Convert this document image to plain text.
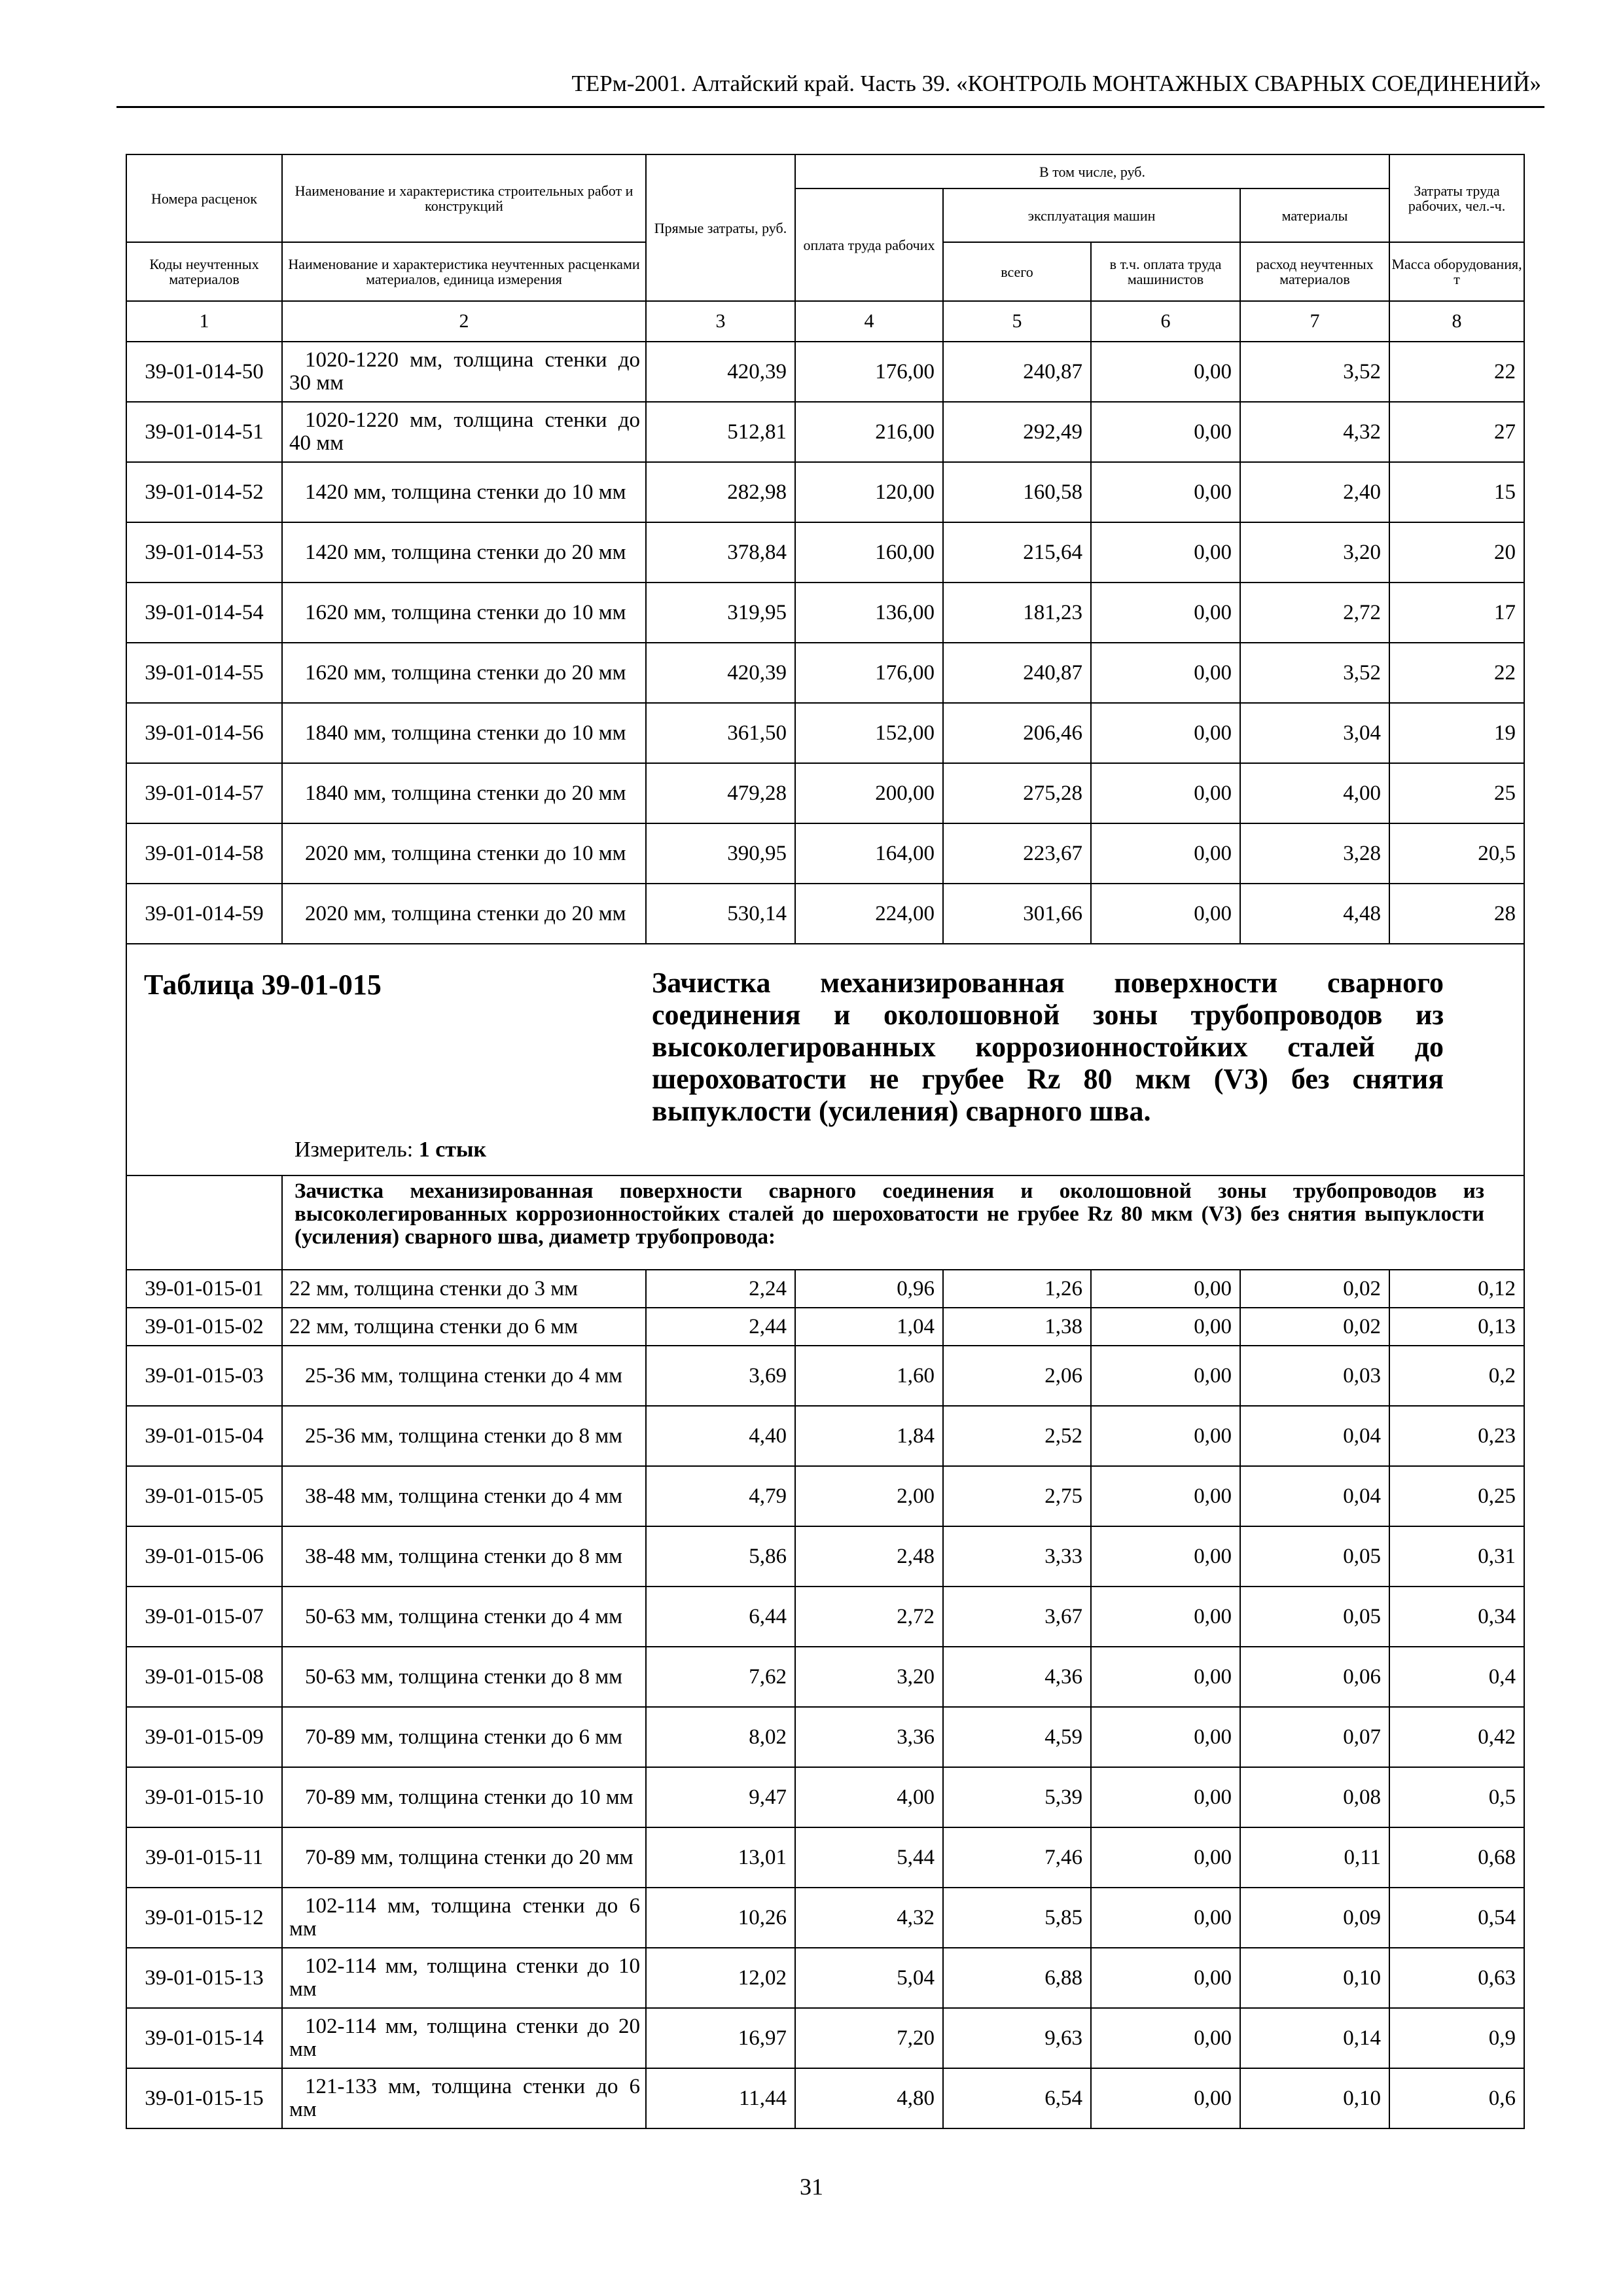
ТЕРм-2001. Алтайский край. Часть 39. «КОНТРОЛЬ МОНТАЖНЫХ СВАРНЫХ СОЕДИНЕНИЙ»
Номера расценок	Наименование и характеристика строительных работ и конструкций	Прямые затраты, руб.	В том числе, руб.				Затраты труда рабочих, чел.-ч.
			оплата труда рабочих	эксплуатация машин		материалы	

Коды неучтенных материалов	Наименование и характеристика неучтенных расценками материалов, единица измерения			всего	в т.ч. оплата труда машинистов	расход неучтенных материалов	Масса оборудования, т

1	2	3	4	5	6	7	8
39-01-014-50	1020-1220 мм, толщина стенки до 30 мм	420,39	176,00	240,87	0,00	3,52	22
39-01-014-51	1020-1220 мм, толщина стенки до 40 мм	512,81	216,00	292,49	0,00	4,32	27
39-01-014-52	1420 мм, толщина стенки до 10 мм	282,98	120,00	160,58	0,00	2,40	15
39-01-014-53	1420 мм, толщина стенки до 20 мм	378,84	160,00	215,64	0,00	3,20	20
39-01-014-54	1620 мм, толщина стенки до 10 мм	319,95	136,00	181,23	0,00	2,72	17
39-01-014-55	1620 мм, толщина стенки до 20 мм	420,39	176,00	240,87	0,00	3,52	22
39-01-014-56	1840 мм, толщина стенки до 10 мм	361,50	152,00	206,46	0,00	3,04	19
39-01-014-57	1840 мм, толщина стенки до 20 мм	479,28	200,00	275,28	0,00	4,00	25
39-01-014-58	2020 мм, толщина стенки до 10 мм	390,95	164,00	223,67	0,00	3,28	20,5
39-01-014-59	2020 мм, толщина стенки до 20 мм	530,14	224,00	301,66	0,00	4,48	28

Таблица 39-01-015 Зачистка механизированная поверхности сварного соединения и околошовной зоны трубопроводов из высоколегированных коррозионностойких сталей до шероховатости не грубее Rz 80 мкм (V3) без снятия выпуклости (усиления) сварного шва.
Измеритель: 1 стык							

	Зачистка механизированная поверхности сварного соединения и околошовной зоны трубопроводов из высоколегированных коррозионностойких сталей до шероховатости не грубее Rz 80 мкм (V3) без снятия выпуклости (усиления) сварного шва, диаметр трубопровода:						
39-01-015-01	22 мм, толщина стенки до 3 мм	2,24	0,96	1,26	0,00	0,02	0,12
39-01-015-02	22 мм, толщина стенки до 6 мм	2,44	1,04	1,38	0,00	0,02	0,13
39-01-015-03	25-36 мм, толщина стенки до 4 мм	3,69	1,60	2,06	0,00	0,03	0,2
39-01-015-04	25-36 мм, толщина стенки до 8 мм	4,40	1,84	2,52	0,00	0,04	0,23
39-01-015-05	38-48 мм, толщина стенки до 4 мм	4,79	2,00	2,75	0,00	0,04	0,25
39-01-015-06	38-48 мм, толщина стенки до 8 мм	5,86	2,48	3,33	0,00	0,05	0,31
39-01-015-07	50-63 мм, толщина стенки до 4 мм	6,44	2,72	3,67	0,00	0,05	0,34
39-01-015-08	50-63 мм, толщина стенки до 8 мм	7,62	3,20	4,36	0,00	0,06	0,4
39-01-015-09	70-89 мм, толщина стенки до 6 мм	8,02	3,36	4,59	0,00	0,07	0,42
39-01-015-10	70-89 мм, толщина стенки до 10 мм	9,47	4,00	5,39	0,00	0,08	0,5
39-01-015-11	70-89 мм, толщина стенки до 20 мм	13,01	5,44	7,46	0,00	0,11	0,68
39-01-015-12	102-114 мм, толщина стенки до 6 мм	10,26	4,32	5,85	0,00	0,09	0,54
39-01-015-13	102-114 мм, толщина стенки до 10 мм	12,02	5,04	6,88	0,00	0,10	0,63
39-01-015-14	102-114 мм, толщина стенки до 20 мм	16,97	7,20	9,63	0,00	0,14	0,9
39-01-015-15	121-133 мм, толщина стенки до 6 мм	11,44	4,80	6,54	0,00	0,10	0,6
31
